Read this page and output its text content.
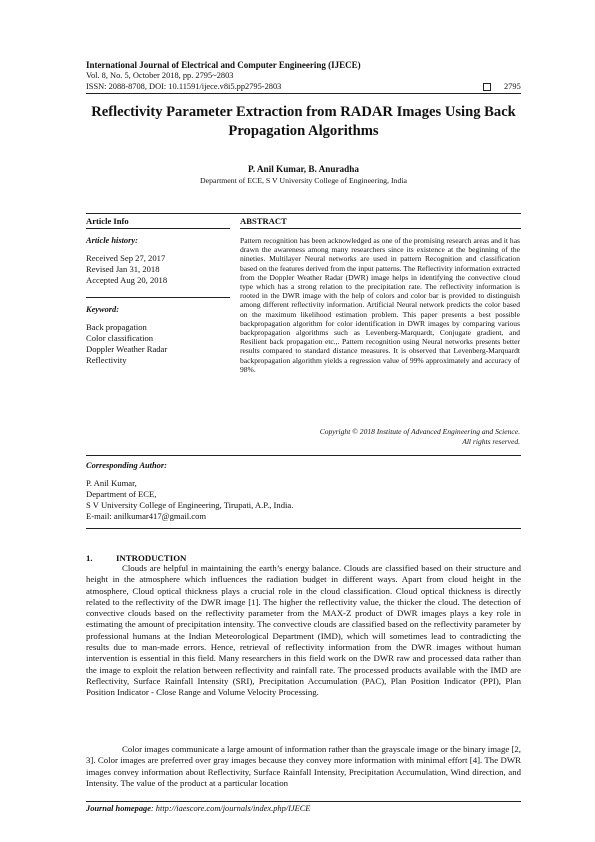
International Journal of Electrical and Computer Engineering (IJECE)
Vol. 8, No. 5, October 2018, pp. 2795~2803
ISSN: 2088-8708, DOI: 10.11591/ijece.v8i5.pp2795-2803	2795
Reflectivity Parameter Extraction from RADAR Images Using Back Propagation Algorithms
P. Anil Kumar, B. Anuradha
Department of ECE, S V University College of Engineering, India
Article Info	ABSTRACT
Article history:
Received Sep 27, 2017
Revised Jan 31, 2018
Accepted Aug 20, 2018
Keyword:
Back propagation
Color classification
Doppler Weather Radar
Reflectivity

Pattern recognition has been acknowledged as one of the promising research areas and it has drawn the awareness among many researchers since its existence at the beginning of the nineties. Multilayer Neural networks are used in pattern Recognition and classification based on the features derived from the input patterns. The Reflectivity information extracted from the Doppler Weather Radar (DWR) image helps in identifying the convective cloud type which has a strong relation to the precipitation rate. The reflectivity information is rooted in the DWR image with the help of colors and color bar is provided to distinguish among different reflectivity information. Artificial Neural network predicts the color based on the maximum likelihood estimation problem. This paper presents a best possible backpropagation algorithm for color identification in DWR images by comparing various backpropagation algorithms such as Levenberg-Marquardt, Conjugate gradient, and Resilient back propagation etc.,. Pattern recognition using Neural networks presents better results compared to standard distance measures. It is observed that Levenberg-Marquardt backpropagation algorithm yields a regression value of 99% approximately and accuracy of 98%.

Copyright © 2018 Institute of Advanced Engineering and Science.
All rights reserved.
Corresponding Author:
P. Anil Kumar,
Department of ECE,
S V University College of Engineering, Tirupati, A.P., India.
E-mail: anilkumar417@gmail.com
1.	INTRODUCTION

Clouds are helpful in maintaining the earth’s energy balance. Clouds are classified based on their structure and height in the atmosphere which influences the radiation budget in different ways. Apart from cloud height in the atmosphere, Cloud optical thickness plays a crucial role in the cloud classification. Cloud optical thickness is directly related to the reflectivity of the DWR image [1]. The higher the reflectivity value, the thicker the cloud. The detection of convective clouds based on the reflectivity parameter from the MAX-Z product of DWR images plays a key role in estimating the amount of precipitation intensity. The convective clouds are classified based on the reflectivity parameter by professional humans at the Indian Meteorological Department (IMD), which will sometimes lead to contradicting the results due to man-made errors. Hence, retrieval of reflectivity information from the DWR images without human intervention is essential in this field. Many researchers in this field work on the DWR raw and processed data rather than the image to exploit the relation between reflectivity and rainfall rate. The processed products available with the IMD are Reflectivity, Surface Rainfall Intensity (SRI), Precipitation Accumulation (PAC), Plan Position Indicator (PPI), Plan Position Indicator - Close Range and Volume Velocity Processing.

Color images communicate a large amount of information rather than the grayscale image or the binary image [2, 3]. Color images are preferred over gray images because they convey more information with minimal effort [4]. The DWR images convey information about Reflectivity, Surface Rainfall Intensity, Precipitation Accumulation, Wind direction, and Intensity. The value of the product at a particular location

Journal homepage: http://iaescore.com/journals/index.php/IJECE
